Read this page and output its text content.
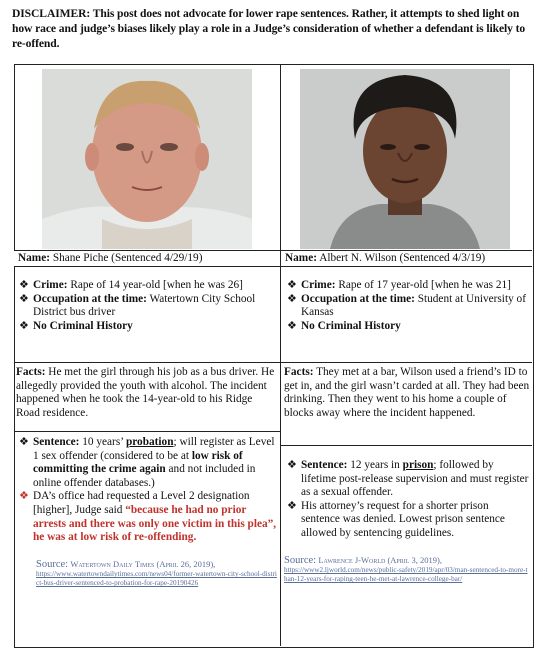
DISCLAIMER: This post does not advocate for lower rape sentences. Rather, it attempts to shed light on how race and judge’s biases likely play a role in a Judge’s consideration of whether a defendant is likely to re-offend.
Name: Shane Piche (Sentenced 4/29/19)	Name: Albert N. Wilson (Sentenced 4/3/19)
❖ Crime: Rape of 14 year-old [when he was 26]
❖ Occupation at the time: Watertown City School District bus driver
❖ No Criminal History
❖ Crime: Rape of 17 year-old [when he was 21]
❖ Occupation at the time: Student at University of Kansas
❖ No Criminal History
Facts: He met the girl through his job as a bus driver. He allegedly provided the youth with alcohol. The incident happened when he took the 14-year-old to his Ridge Road residence.
Facts: They met at a bar, Wilson used a friend’s ID to get in, and the girl wasn’t carded at all. They had been drinking. Then they went to his home a couple of blocks away where the incident happened.
❖ Sentence: 10 years’ probation; will register as Level 1 sex offender (considered to be at low risk of committing the crime again and not included in online offender databases.)
❖ DA’s office had requested a Level 2 designation [higher], Judge said “because he had no prior arrests and there was only one victim in this plea”, he was at low risk of re-offending.
Source: Watertown Daily Times (April 26, 2019),
https://www.watertowndailytimes.com/news04/former-watertown-city-school-district-bus-driver-sentenced-to-probation-for-rape-20190426
❖ Sentence: 12 years in prison; followed by lifetime post-release supervision and must register as a sexual offender.
❖ His attorney’s request for a shorter prison sentence was denied. Lowest prison sentence allowed by sentencing guidelines.
Source: Lawrence J-World (April 3, 2019),
https://www2.ljworld.com/news/public-safety/2019/apr/03/man-sentenced-to-more-than-12-years-for-raping-teen-he-met-at-lawrence-college-bar/
